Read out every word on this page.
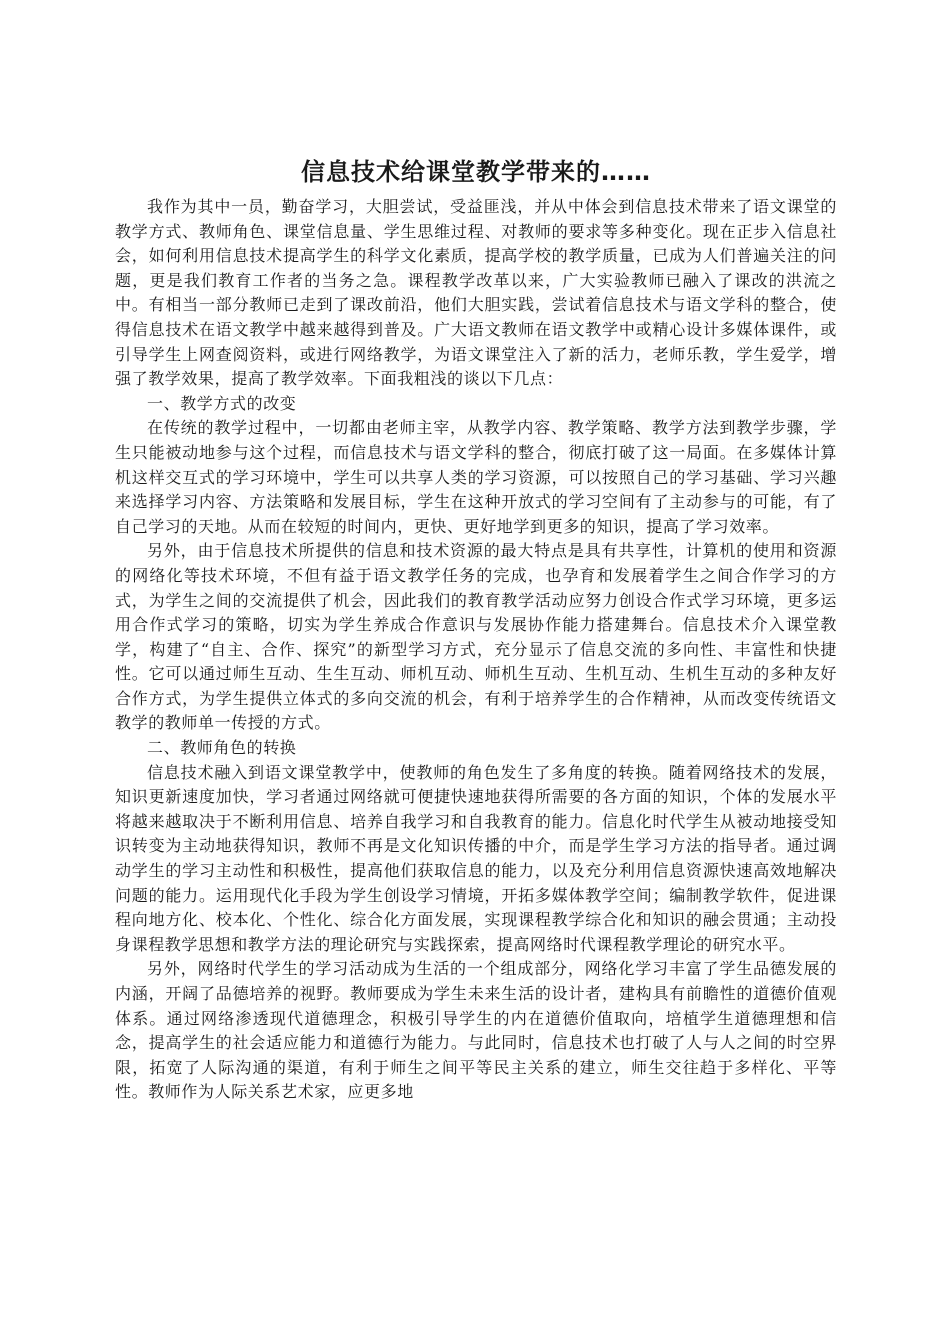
信息技术给课堂教学带来的……

我作为其中一员，勤奋学习，大胆尝试，受益匪浅，并从中体会到信息技术带来了语文课堂的教学方式、教师角色、课堂信息量、学生思维过程、对教师的要求等多种变化。现在正步入信息社会，如何利用信息技术提高学生的科学文化素质，提高学校的教学质量，已成为人们普遍关注的问题，更是我们教育工作者的当务之急。课程教学改革以来，广大实验教师已融入了课改的洪流之中。有相当一部分教师已走到了课改前沿，他们大胆实践，尝试着信息技术与语文学科的整合，使得信息技术在语文教学中越来越得到普及。广大语文教师在语文教学中或精心设计多媒体课件，或引导学生上网查阅资料，或进行网络教学，为语文课堂注入了新的活力，老师乐教，学生爱学，增强了教学效果，提高了教学效率。下面我粗浅的谈以下几点：

一、教学方式的改变

在传统的教学过程中，一切都由老师主宰，从教学内容、教学策略、教学方法到教学步骤，学生只能被动地参与这个过程，而信息技术与语文学科的整合，彻底打破了这一局面。在多媒体计算机这样交互式的学习环境中，学生可以共享人类的学习资源，可以按照自己的学习基础、学习兴趣来选择学习内容、方法策略和发展目标，学生在这种开放式的学习空间有了主动参与的可能，有了自己学习的天地。从而在较短的时间内，更快、更好地学到更多的知识，提高了学习效率。

另外，由于信息技术所提供的信息和技术资源的最大特点是具有共享性，计算机的使用和资源的网络化等技术环境，不但有益于语文教学任务的完成，也孕育和发展着学生之间合作学习的方式，为学生之间的交流提供了机会，因此我们的教育教学活动应努力创设合作式学习环境，更多运用合作式学习的策略，切实为学生养成合作意识与发展协作能力搭建舞台。信息技术介入课堂教学，构建了“自主、合作、探究”的新型学习方式，充分显示了信息交流的多向性、丰富性和快捷性。它可以通过师生互动、生生互动、师机互动、师机生互动、生机互动、生机生互动的多种友好合作方式，为学生提供立体式的多向交流的机会，有利于培养学生的合作精神，从而改变传统语文教学的教师单一传授的方式。

二、教师角色的转换

信息技术融入到语文课堂教学中，使教师的角色发生了多角度的转换。随着网络技术的发展，知识更新速度加快，学习者通过网络就可便捷快速地获得所需要的各方面的知识，个体的发展水平将越来越取决于不断利用信息、培养自我学习和自我教育的能力。信息化时代学生从被动地接受知识转变为主动地获得知识，教师不再是文化知识传播的中介，而是学生学习方法的指导者。通过调动学生的学习主动性和积极性，提高他们获取信息的能力，以及充分利用信息资源快速高效地解决问题的能力。运用现代化手段为学生创设学习情境，开拓多媒体教学空间；编制教学软件，促进课程向地方化、校本化、个性化、综合化方面发展，实现课程教学综合化和知识的融会贯通；主动投身课程教学思想和教学方法的理论研究与实践探索，提高网络时代课程教学理论的研究水平。

另外，网络时代学生的学习活动成为生活的一个组成部分，网络化学习丰富了学生品德发展的内涵，开阔了品德培养的视野。教师要成为学生未来生活的设计者，建构具有前瞻性的道德价值观体系。通过网络渗透现代道德理念，积极引导学生的内在道德价值取向，培植学生道德理想和信念，提高学生的社会适应能力和道德行为能力。与此同时，信息技术也打破了人与人之间的时空界限，拓宽了人际沟通的渠道，有利于师生之间平等民主关系的建立，师生交往趋于多样化、平等性。教师作为人际关系艺术家，应更多地
